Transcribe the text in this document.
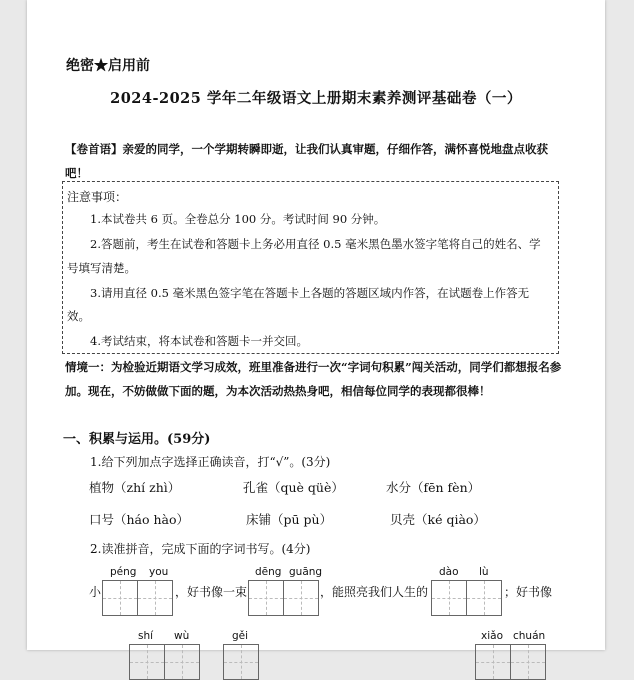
绝密★启用前
2024-2025 学年二年级语文上册期末素养测评基础卷（一）
【卷首语】亲爱的同学，一个学期转瞬即逝，让我们认真审题，仔细作答，满怀喜悦地盘点收获吧！
注意事项：
1.本试卷共 6 页。全卷总分 100 分。考试时间 90 分钟。
2.答题前，考生在试卷和答题卡上务必用直径 0.5 毫米黑色墨水签字笔将自己的姓名、学
号填写清楚。
3.请用直径 0.5 毫米黑色签字笔在答题卡上各题的答题区域内作答，在试题卷上作答无
效。
4.考试结束，将本试卷和答题卡一并交回。
情境一：为检验近期语文学习成效，班里准备进行一次“字词句积累”闯关活动，同学们都想报名参加。现在，不妨做做下面的题，为本次活动热热身吧，相信每位同学的表现都很棒！
一、积累与运用。(59分)
1.给下列加点字选择正确读音，打“√”。(3分)
植物（zhí zhì）	孔雀（què qüè）	水分（fēn fèn）
口号（háo hào）	床铺（pū pù）	贝壳（ké qiào）
2.读准拼音，完成下面的字词书写。(4分)
péng you	dēng guāng	dào lù
小	，好书像一束	，能照亮我们人生的	；好书像
shí wù	gěi	xiǎo chuán
